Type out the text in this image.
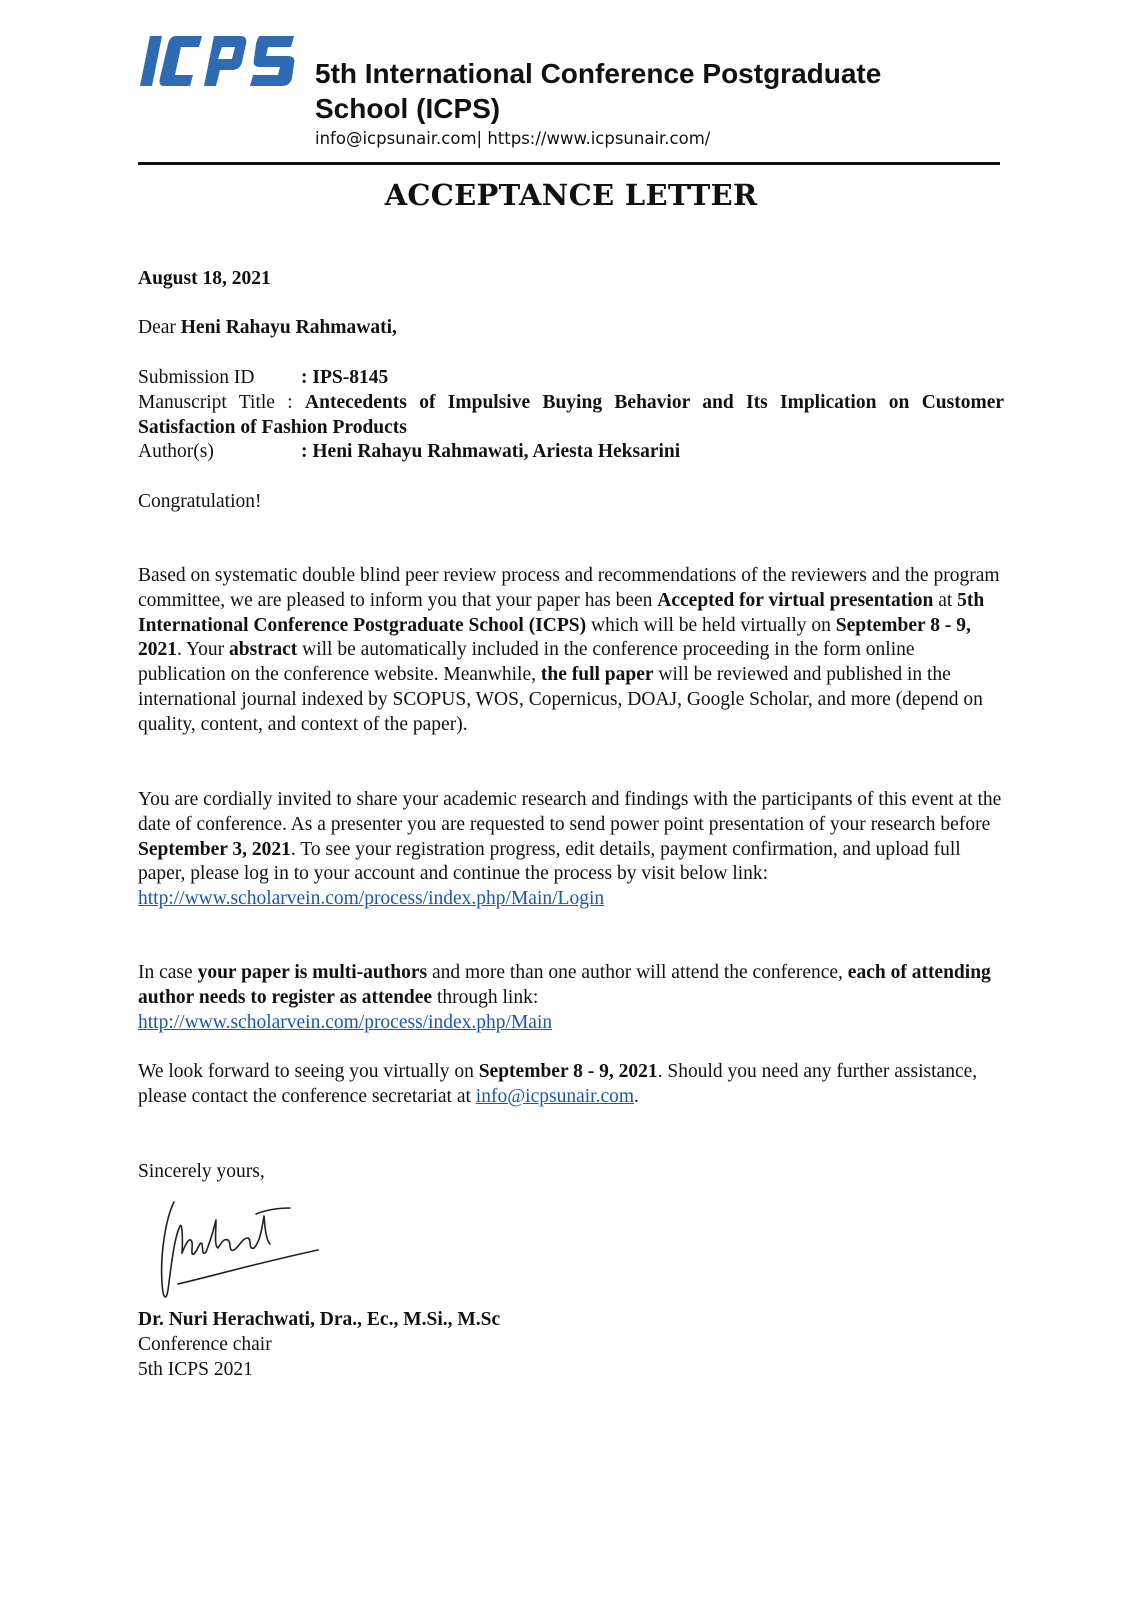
5th International Conference Postgraduate
School (ICPS)
info@icpsunair.com| https://www.icpsunair.com/
ACCEPTANCE LETTER
August 18, 2021
Dear Heni Rahayu Rahmawati,
Submission ID	: IPS-8145
Manuscript Title : Antecedents of Impulsive Buying Behavior and Its Implication on Customer Satisfaction of Fashion Products
Author(s)	: Heni Rahayu Rahmawati, Ariesta Heksarini
Congratulation!

Based on systematic double blind peer review process and recommendations of the reviewers and the program committee, we are pleased to inform you that your paper has been Accepted for virtual presentation at 5th International Conference Postgraduate School (ICPS) which will be held virtually on September 8 - 9, 2021. Your abstract will be automatically included in the conference proceeding in the form online publication on the conference website. Meanwhile, the full paper will be reviewed and published in the international journal indexed by SCOPUS, WOS, Copernicus, DOAJ, Google Scholar, and more (depend on quality, content, and context of the paper).

You are cordially invited to share your academic research and findings with the participants of this event at the date of conference. As a presenter you are requested to send power point presentation of your research before September 3, 2021. To see your registration progress, edit details, payment confirmation, and upload full paper, please log in to your account and continue the process by visit below link:

http://www.scholarvein.com/process/index.php/Main/Login

In case your paper is multi-authors and more than one author will attend the conference, each of attending author needs to register as attendee through link:

http://www.scholarvein.com/process/index.php/Main

We look forward to seeing you virtually on September 8 - 9, 2021. Should you need any further assistance, please contact the conference secretariat at info@icpsunair.com.

Sincerely yours,
Dr. Nuri Herachwati, Dra., Ec., M.Si., M.Sc
Conference chair
5th ICPS 2021
